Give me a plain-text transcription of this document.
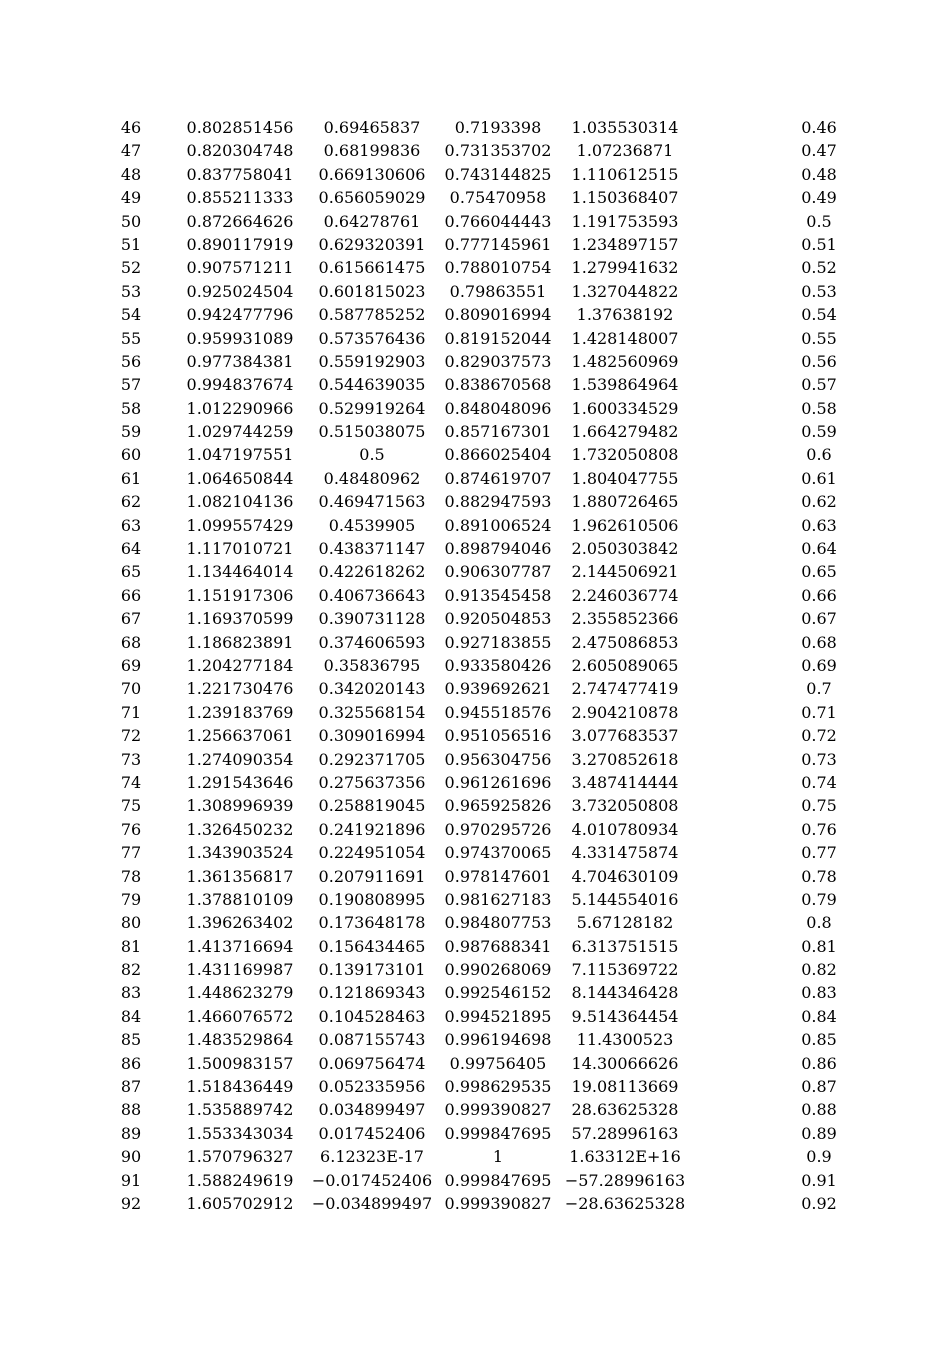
46	0.802851456	0.69465837	0.7193398	1.035530314	0.46
47	0.820304748	0.68199836	0.731353702	1.07236871	0.47
48	0.837758041	0.669130606	0.743144825	1.110612515	0.48
49	0.855211333	0.656059029	0.75470958	1.150368407	0.49
50	0.872664626	0.64278761	0.766044443	1.191753593	0.5
51	0.890117919	0.629320391	0.777145961	1.234897157	0.51
52	0.907571211	0.615661475	0.788010754	1.279941632	0.52
53	0.925024504	0.601815023	0.79863551	1.327044822	0.53
54	0.942477796	0.587785252	0.809016994	1.37638192	0.54
55	0.959931089	0.573576436	0.819152044	1.428148007	0.55
56	0.977384381	0.559192903	0.829037573	1.482560969	0.56
57	0.994837674	0.544639035	0.838670568	1.539864964	0.57
58	1.012290966	0.529919264	0.848048096	1.600334529	0.58
59	1.029744259	0.515038075	0.857167301	1.664279482	0.59
60	1.047197551	0.5	0.866025404	1.732050808	0.6
61	1.064650844	0.48480962	0.874619707	1.804047755	0.61
62	1.082104136	0.469471563	0.882947593	1.880726465	0.62
63	1.099557429	0.4539905	0.891006524	1.962610506	0.63
64	1.117010721	0.438371147	0.898794046	2.050303842	0.64
65	1.134464014	0.422618262	0.906307787	2.144506921	0.65
66	1.151917306	0.406736643	0.913545458	2.246036774	0.66
67	1.169370599	0.390731128	0.920504853	2.355852366	0.67
68	1.186823891	0.374606593	0.927183855	2.475086853	0.68
69	1.204277184	0.35836795	0.933580426	2.605089065	0.69
70	1.221730476	0.342020143	0.939692621	2.747477419	0.7
71	1.239183769	0.325568154	0.945518576	2.904210878	0.71
72	1.256637061	0.309016994	0.951056516	3.077683537	0.72
73	1.274090354	0.292371705	0.956304756	3.270852618	0.73
74	1.291543646	0.275637356	0.961261696	3.487414444	0.74
75	1.308996939	0.258819045	0.965925826	3.732050808	0.75
76	1.326450232	0.241921896	0.970295726	4.010780934	0.76
77	1.343903524	0.224951054	0.974370065	4.331475874	0.77
78	1.361356817	0.207911691	0.978147601	4.704630109	0.78
79	1.378810109	0.190808995	0.981627183	5.144554016	0.79
80	1.396263402	0.173648178	0.984807753	5.67128182	0.8
81	1.413716694	0.156434465	0.987688341	6.313751515	0.81
82	1.431169987	0.139173101	0.990268069	7.115369722	0.82
83	1.448623279	0.121869343	0.992546152	8.144346428	0.83
84	1.466076572	0.104528463	0.994521895	9.514364454	0.84
85	1.483529864	0.087155743	0.996194698	11.4300523	0.85
86	1.500983157	0.069756474	0.99756405	14.30066626	0.86
87	1.518436449	0.052335956	0.998629535	19.08113669	0.87
88	1.535889742	0.034899497	0.999390827	28.63625328	0.88
89	1.553343034	0.017452406	0.999847695	57.28996163	0.89
90	1.570796327	6.12323E-17	1	1.63312E+16	0.9
91	1.588249619	−0.017452406 0.999847695 −57.28996163	0.91
92	1.605702912	−0.034899497 0.999390827 −28.63625328	0.92
